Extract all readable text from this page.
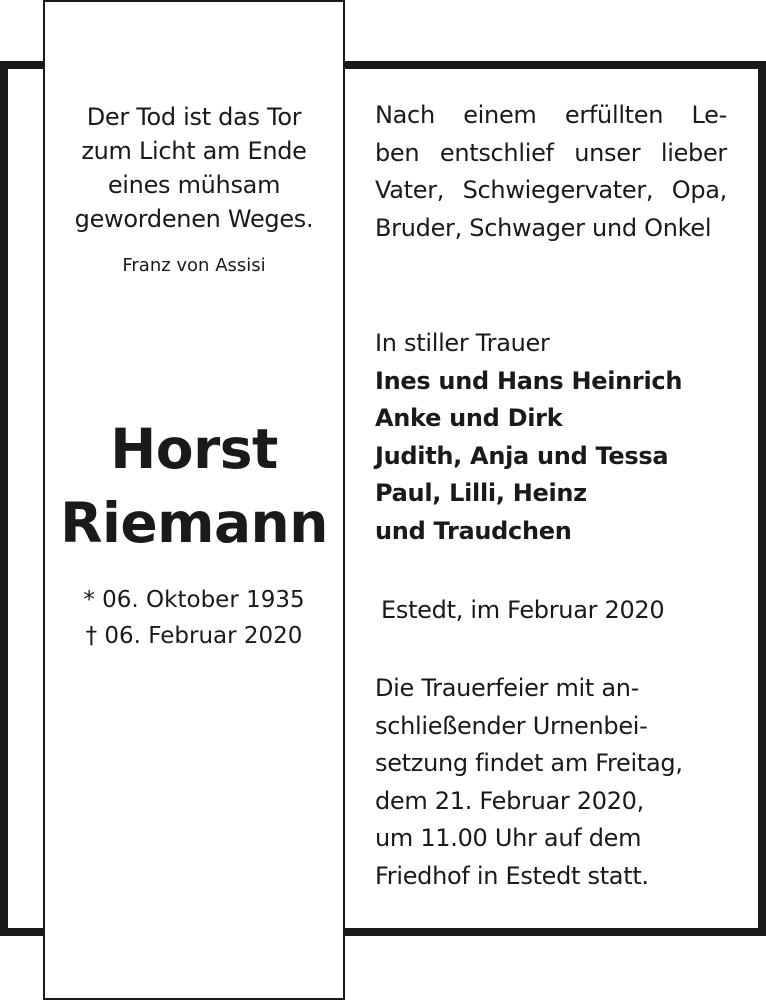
Der Tod ist das Tor
zum Licht am Ende
eines mühsam
gewordenen Weges.
Franz von Assisi
Horst
Riemann
* 06. Oktober 1935
† 06. Februar 2020
Nach einem erfüllten Le-
ben entschlief unser lieber
Vater, Schwiegervater, Opa,
Bruder, Schwager und Onkel
In stiller Trauer
Ines und Hans Heinrich
Anke und Dirk
Judith, Anja und Tessa
Paul, Lilli, Heinz
und Traudchen
Estedt, im Februar 2020
Die Trauerfeier mit an-
schließender Urnenbei-
setzung findet am Freitag,
dem 21. Februar 2020,
um 11.00 Uhr auf dem
Friedhof in Estedt statt.
